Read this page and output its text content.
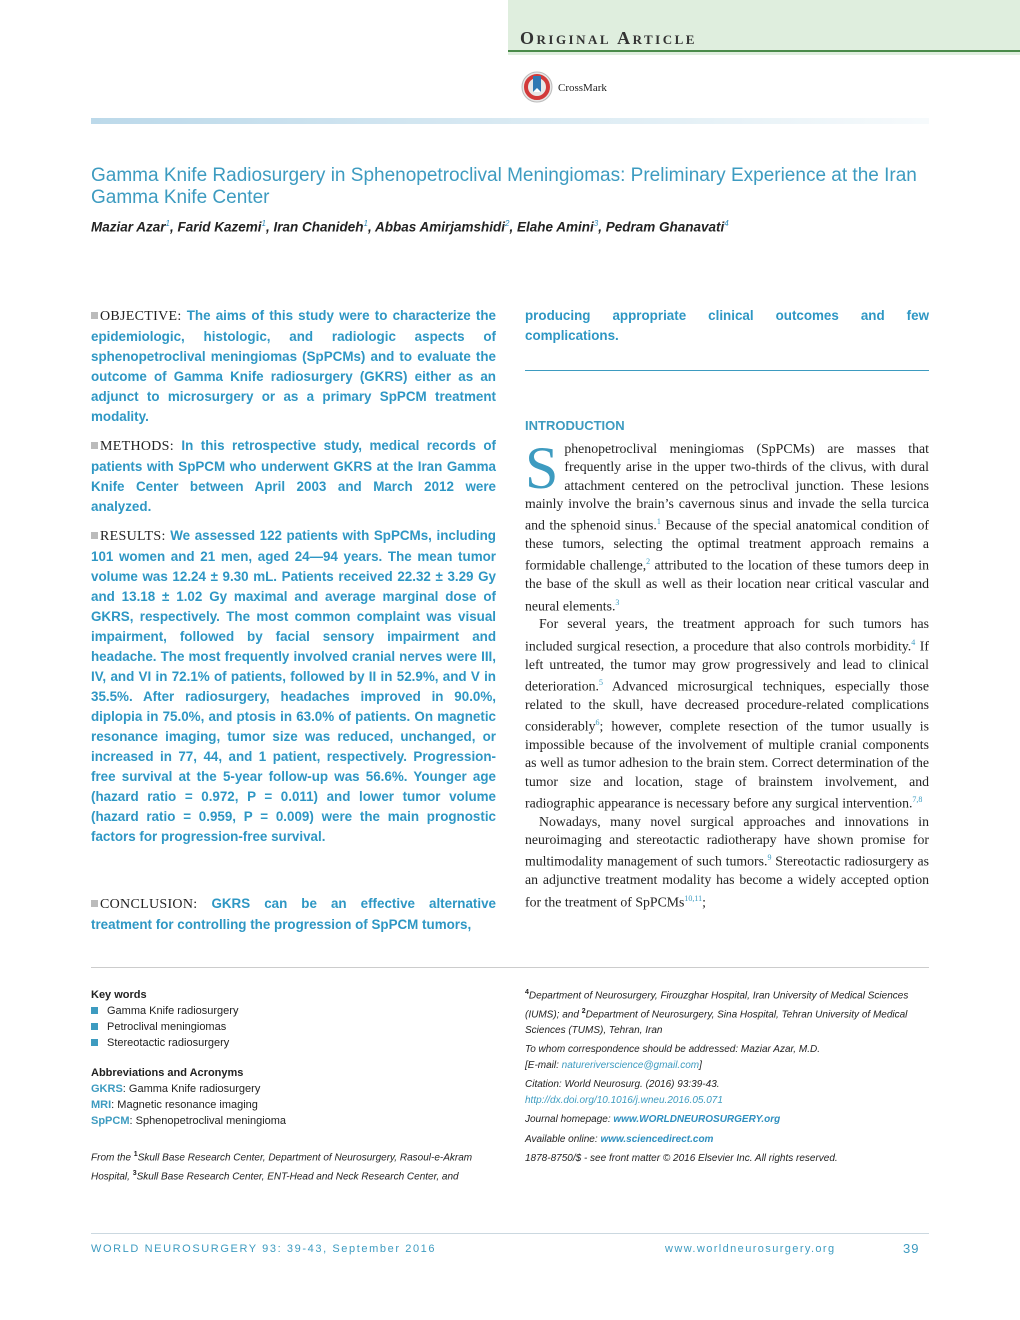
Original Article
CrossMark
Gamma Knife Radiosurgery in Sphenopetroclival Meningiomas: Preliminary Experience at the Iran Gamma Knife Center
Maziar Azar$^1$, Farid Kazemi$^1$, Iran Chanideh$^1$, Abbas Amirjamshidi$^2$, Elahe Amini$^3$, Pedram Ghanavati$^4$
OBJECTIVE: The aims of this study were to characterize the epidemiologic, histologic, and radiologic aspects of sphenopetroclival meningiomas (SpPCMs) and to evaluate the outcome of Gamma Knife radiosurgery (GKRS) either as an adjunct to microsurgery or as a primary SpPCM treatment modality.
METHODS: In this retrospective study, medical records of patients with SpPCM who underwent GKRS at the Iran Gamma Knife Center between April 2003 and March 2012 were analyzed.
RESULTS: We assessed 122 patients with SpPCMs, including 101 women and 21 men, aged 24—94 years. The mean tumor volume was 12.24 ± 9.30 mL. Patients received 22.32 ± 3.29 Gy and 13.18 ± 1.02 Gy maximal and average marginal dose of GKRS, respectively. The most common complaint was visual impairment, followed by facial sensory impairment and headache. The most frequently involved cranial nerves were III, IV, and VI in 72.1% of patients, followed by II in 52.9%, and V in 35.5%. After radiosurgery, headaches improved in 90.0%, diplopia in 75.0%, and ptosis in 63.0% of patients. On magnetic resonance imaging, tumor size was reduced, unchanged, or increased in 77, 44, and 1 patient, respectively. Progression-free survival at the 5-year follow-up was 56.6%. Younger age (hazard ratio = 0.972, P = 0.011) and lower tumor volume (hazard ratio = 0.959, P = 0.009) were the main prognostic factors for progression-free survival.
CONCLUSION: GKRS can be an effective alternative treatment for controlling the progression of SpPCM tumors,
producing appropriate clinical outcomes and few complications.
INTRODUCTION

Sphenopetroclival meningiomas (SpPCMs) are masses that frequently arise in the upper two-thirds of the clivus, with dural attachment centered on the petroclival junction. These lesions mainly involve the brain’s cavernous sinus and invade the sella turcica and the sphenoid sinus.$^1$ Because of the special anatomical condition of these tumors, selecting the optimal treatment approach remains a formidable challenge,$^2$ attributed to the location of these tumors deep in the base of the skull as well as their location near critical vascular and neural elements.$^3$

For several years, the treatment approach for such tumors has included surgical resection, a procedure that also controls morbidity.$^4$ If left untreated, the tumor may grow progressively and lead to clinical deterioration.$^5$ Advanced microsurgical techniques, especially those related to the skull, have decreased procedure-related complications considerably$^6$; however, complete resection of the tumor usually is impossible because of the involvement of multiple cranial components as well as tumor adhesion to the brain stem. Correct determination of the tumor size and location, stage of brainstem involvement, and radiographic appearance is necessary before any surgical intervention.$^{7,8}$

Nowadays, many novel surgical approaches and innovations in neuroimaging and stereotactic radiotherapy have shown promise for multimodality management of such tumors.$^9$ Stereotactic radiosurgery as an adjunctive treatment modality has become a widely accepted option for the treatment of SpPCMs$^{10,11}$;

Key words
Gamma Knife radiosurgery
Petroclival meningiomas
Stereotactic radiosurgery
Abbreviations and Acronyms
GKRS: Gamma Knife radiosurgery
MRI: Magnetic resonance imaging
SpPCM: Sphenopetroclival meningioma
From the $^1$Skull Base Research Center, Department of Neurosurgery, Rasoul-e-Akram Hospital, $^3$Skull Base Research Center, ENT-Head and Neck Research Center, and
$^4$Department of Neurosurgery, Firouzghar Hospital, Iran University of Medical Sciences (IUMS); and $^2$Department of Neurosurgery, Sina Hospital, Tehran University of Medical Sciences (TUMS), Tehran, Iran
To whom correspondence should be addressed: Maziar Azar, M.D.
[E-mail: natureriverscience@gmail.com]
Citation: World Neurosurg. (2016) 93:39-43.
http://dx.doi.org/10.1016/j.wneu.2016.05.071
Journal homepage: www.WORLDNEUROSURGERY.org
Available online: www.sciencedirect.com
1878-8750/$ - see front matter © 2016 Elsevier Inc. All rights reserved.
WORLD NEUROSURGERY 93: 39-43, September 2016	www.worldneurosurgery.org	39
